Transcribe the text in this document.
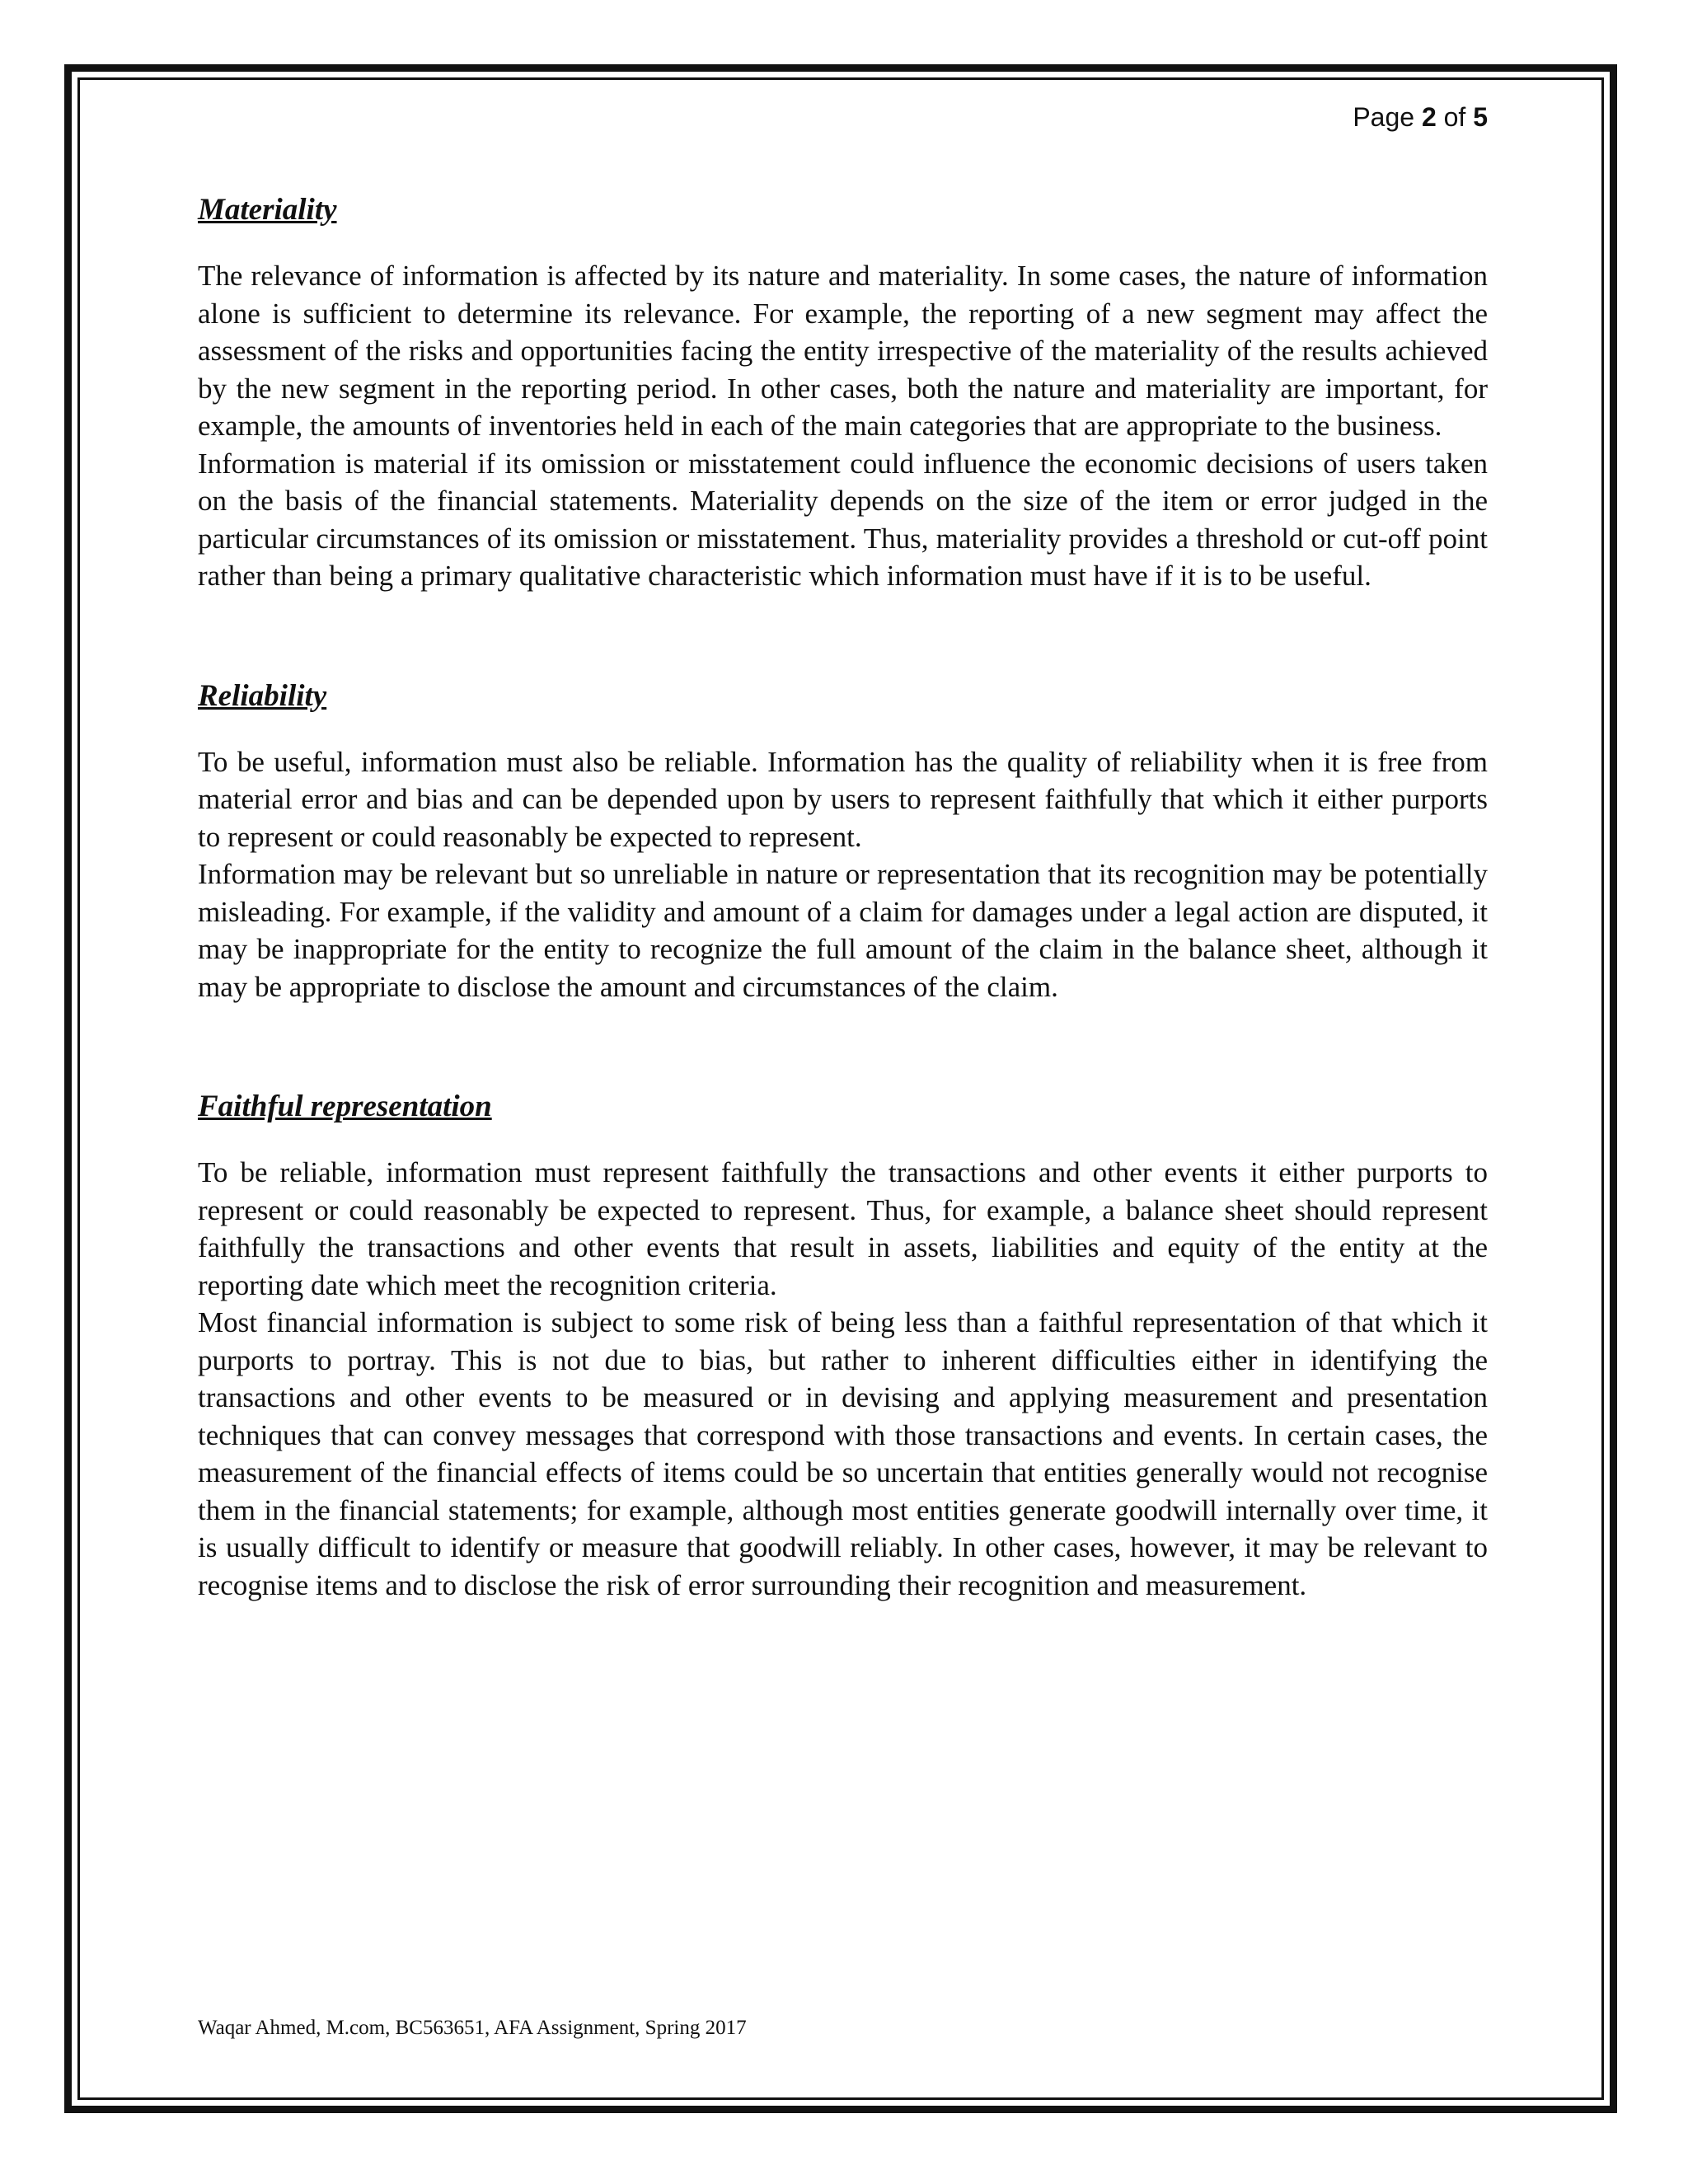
Page 2 of 5
Materiality

The relevance of information is affected by its nature and materiality. In some cases, the nature of information alone is sufficient to determine its relevance. For example, the reporting of a new segment may affect the assessment of the risks and opportunities facing the entity irrespective of the materiality of the results achieved by the new segment in the reporting period. In other cases, both the nature and materiality are important, for example, the amounts of inventories held in each of the main categories that are appropriate to the business.

Information is material if its omission or misstatement could influence the economic decisions of users taken on the basis of the financial statements. Materiality depends on the size of the item or error judged in the particular circumstances of its omission or misstatement. Thus, materiality provides a threshold or cut-off point rather than being a primary qualitative characteristic which information must have if it is to be useful.

Reliability

To be useful, information must also be reliable. Information has the quality of reliability when it is free from material error and bias and can be depended upon by users to represent faithfully that which it either purports to represent or could reasonably be expected to represent.

Information may be relevant but so unreliable in nature or representation that its recognition may be potentially misleading. For example, if the validity and amount of a claim for damages under a legal action are disputed, it may be inappropriate for the entity to recognize the full amount of the claim in the balance sheet, although it may be appropriate to disclose the amount and circumstances of the claim.

Faithful representation

To be reliable, information must represent faithfully the transactions and other events it either purports to represent or could reasonably be expected to represent. Thus, for example, a balance sheet should represent faithfully the transactions and other events that result in assets, liabilities and equity of the entity at the reporting date which meet the recognition criteria.

Most financial information is subject to some risk of being less than a faithful representation of that which it purports to portray. This is not due to bias, but rather to inherent difficulties either in identifying the transactions and other events to be measured or in devising and applying measurement and presentation techniques that can convey messages that correspond with those transactions and events. In certain cases, the measurement of the financial effects of items could be so uncertain that entities generally would not recognise them in the financial statements; for example, although most entities generate goodwill internally over time, it is usually difficult to identify or measure that goodwill reliably. In other cases, however, it may be relevant to recognise items and to disclose the risk of error surrounding their recognition and measurement.

Waqar Ahmed, M.com, BC563651, AFA Assignment, Spring 2017
